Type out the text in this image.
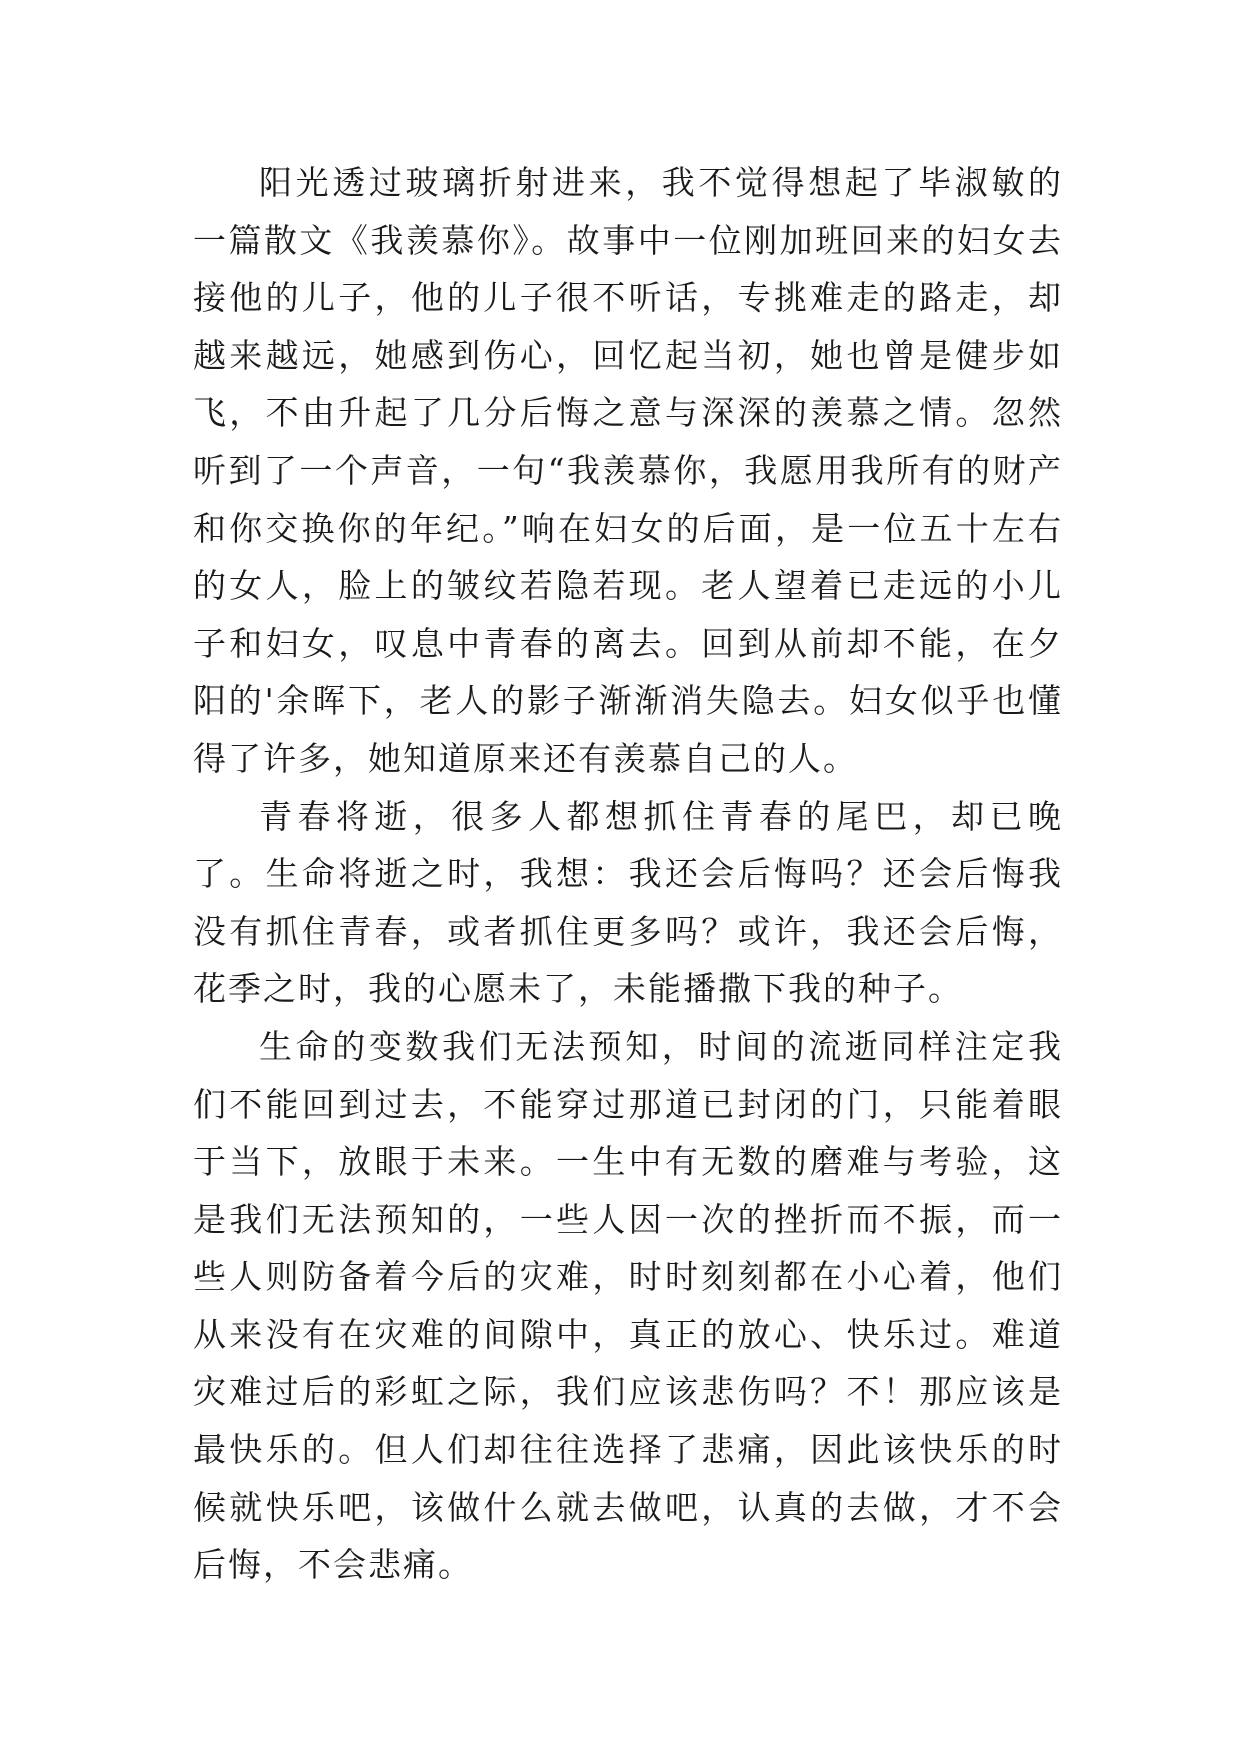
阳光透过玻璃折射进来，我不觉得想起了毕淑敏的一篇散文《我羡慕你》。故事中一位刚加班回来的妇女去接他的儿子，他的儿子很不听话，专挑难走的路走，却越来越远，她感到伤心，回忆起当初，她也曾是健步如飞，不由升起了几分后悔之意与深深的羡慕之情。忽然听到了一个声音，一句“我羡慕你，我愿用我所有的财产和你交换你的年纪。”响在妇女的后面，是一位五十左右的女人，脸上的皱纹若隐若现。老人望着已走远的小儿子和妇女，叹息中青春的离去。回到从前却不能，在夕阳的'余晖下，老人的影子渐渐消失隐去。妇女似乎也懂得了许多，她知道原来还有羡慕自己的人。

青春将逝，很多人都想抓住青春的尾巴，却已晚了。生命将逝之时，我想：我还会后悔吗？还会后悔我没有抓住青春，或者抓住更多吗？或许，我还会后悔，花季之时，我的心愿未了，未能播撒下我的种子。

生命的变数我们无法预知，时间的流逝同样注定我们不能回到过去，不能穿过那道已封闭的门，只能着眼于当下，放眼于未来。一生中有无数的磨难与考验，这是我们无法预知的，一些人因一次的挫折而不振，而一些人则防备着今后的灾难，时时刻刻都在小心着，他们从来没有在灾难的间隙中，真正的放心、快乐过。难道灾难过后的彩虹之际，我们应该悲伤吗？不！那应该是最快乐的。但人们却往往选择了悲痛，因此该快乐的时候就快乐吧，该做什么就去做吧，认真的去做，才不会后悔，不会悲痛。
